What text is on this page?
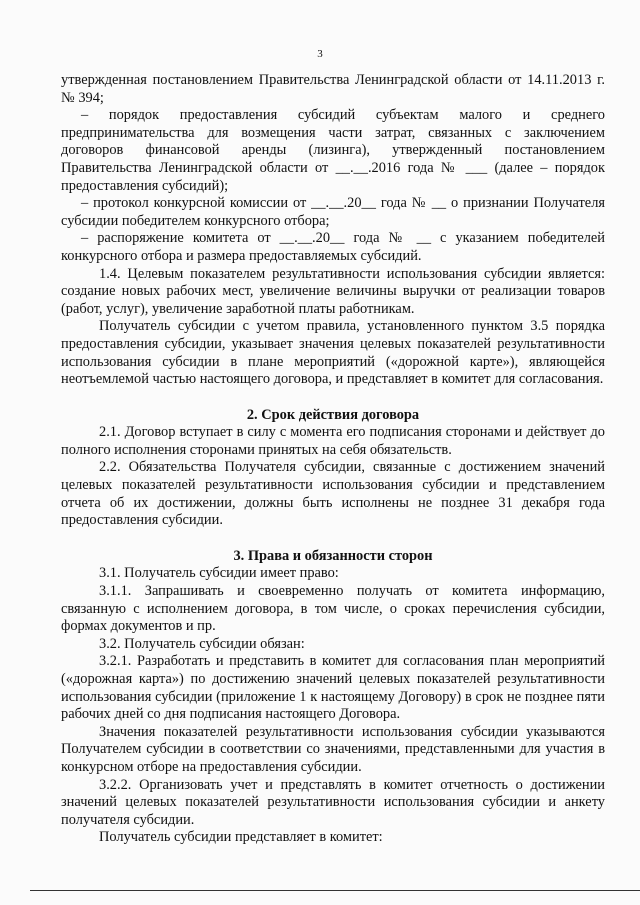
3

утвержденная постановлением Правительства Ленинградской области от 14.11.2013 г. № 394;

– порядок предоставления субсидий субъектам малого и среднего предпринимательства для возмещения части затрат, связанных с заключением договоров финансовой аренды (лизинга), утвержденный постановлением Правительства Ленинградской области от __.__.2016 года № ___ (далее – порядок предоставления субсидий);

– протокол конкурсной комиссии от __.__.20__ года № __ о признании Получателя субсидии победителем конкурсного отбора;

– распоряжение комитета от __.__.20__ года № __ с указанием победителей конкурсного отбора и размера предоставляемых субсидий.

1.4. Целевым показателем результативности использования субсидии является: создание новых рабочих мест, увеличение величины выручки от реализации товаров (работ, услуг), увеличение заработной платы работникам.

Получатель субсидии с учетом правила, установленного пунктом 3.5 порядка предоставления субсидии, указывает значения целевых показателей результативности использования субсидии в плане мероприятий («дорожной карте»), являющейся неотъемлемой частью настоящего договора, и представляет в комитет для согласования.

2. Срок действия договора

2.1. Договор вступает в силу с момента его подписания сторонами и действует до полного исполнения сторонами принятых на себя обязательств.

2.2. Обязательства Получателя субсидии, связанные с достижением значений целевых показателей результативности использования субсидии и представлением отчета об их достижении, должны быть исполнены не позднее 31 декабря года предоставления субсидии.

3. Права и обязанности сторон

3.1. Получатель субсидии имеет право:

3.1.1. Запрашивать и своевременно получать от комитета информацию, связанную с исполнением договора, в том числе, о сроках перечисления субсидии, формах документов и пр.

3.2. Получатель субсидии обязан:

3.2.1. Разработать и представить в комитет для согласования план мероприятий («дорожная карта») по достижению значений целевых показателей результативности использования субсидии (приложение 1 к настоящему Договору) в срок не позднее пяти рабочих дней со дня подписания настоящего Договора.

Значения показателей результативности использования субсидии указываются Получателем субсидии в соответствии со значениями, представленными для участия в конкурсном отборе на предоставления субсидии.

3.2.2. Организовать учет и представлять в комитет отчетность о достижении значений целевых показателей результативности использования субсидии и анкету получателя субсидии.

Получатель субсидии представляет в комитет:
